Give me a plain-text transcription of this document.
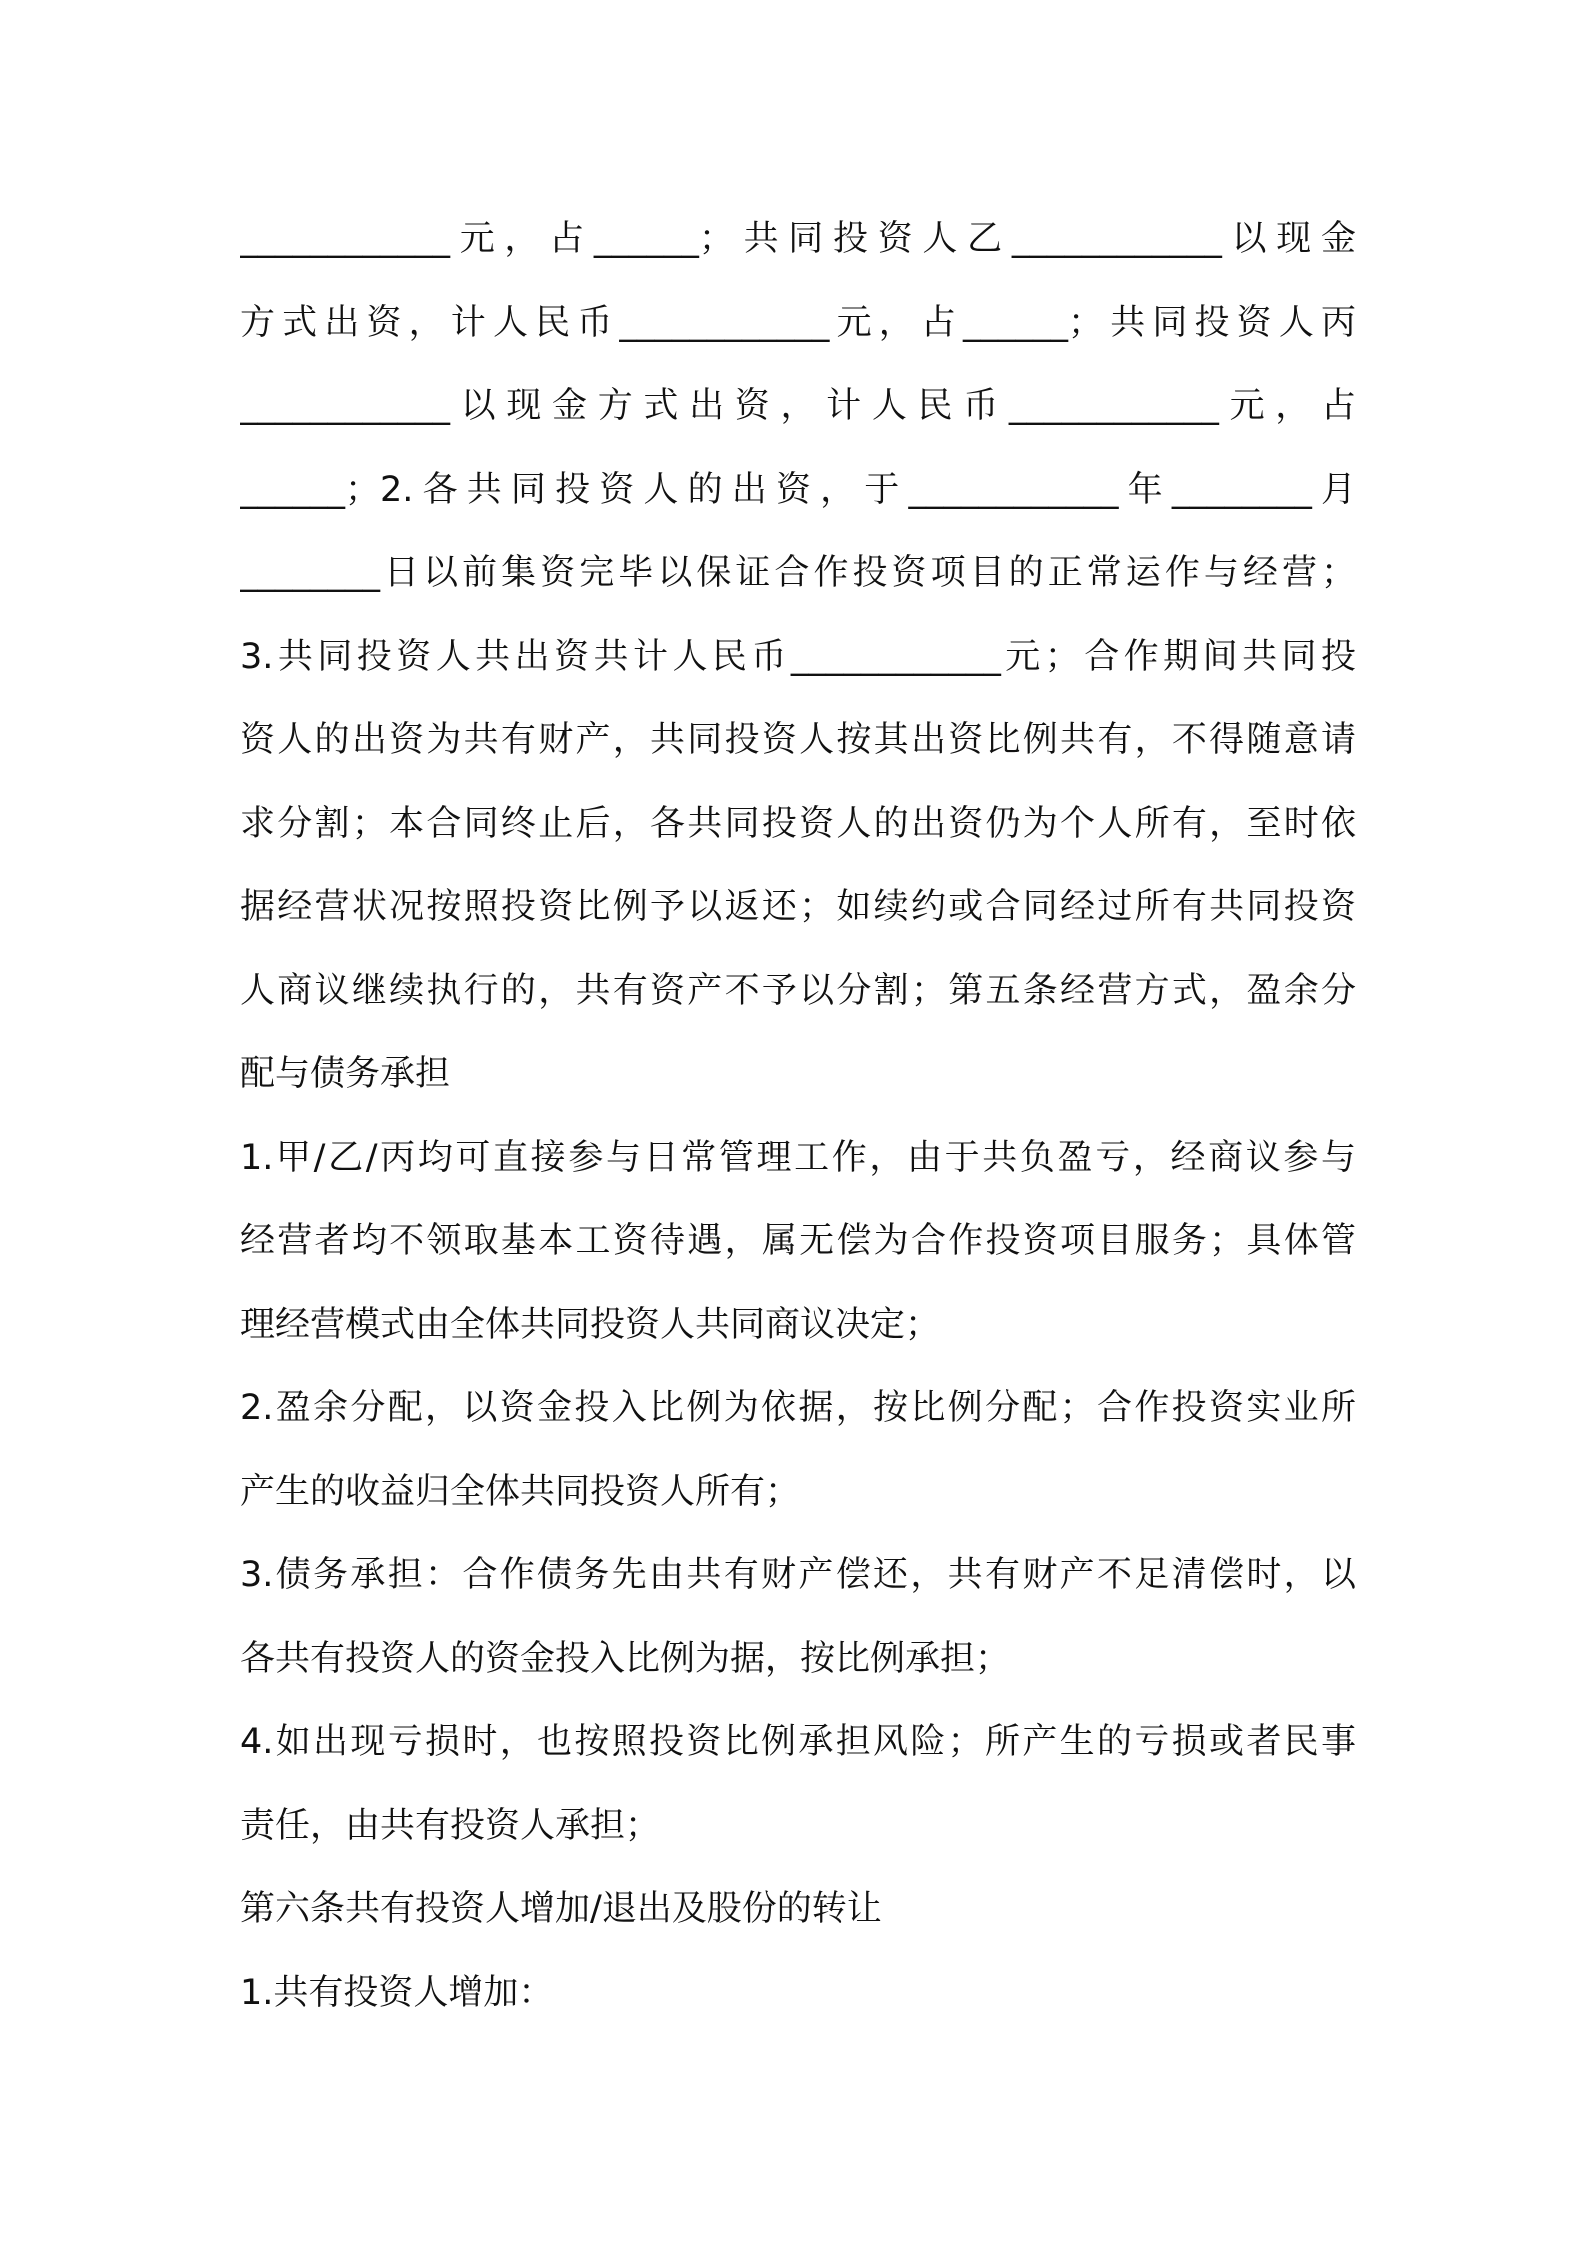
____________元，占______；共同投资人乙____________以现金
方式出资，计人民币____________元，占______；共同投资人丙
____________以现金方式出资，计人民币____________元，占
______；2.各共同投资人的出资，于____________年________月
________日以前集资完毕以保证合作投资项目的正常运作与经营；
3.共同投资人共出资共计人民币____________元；合作期间共同投
资人的出资为共有财产，共同投资人按其出资比例共有，不得随意请
求分割；本合同终止后，各共同投资人的出资仍为个人所有，至时依
据经营状况按照投资比例予以返还；如续约或合同经过所有共同投资
人商议继续执行的，共有资产不予以分割；第五条经营方式，盈余分
配与债务承担
1.甲/乙/丙均可直接参与日常管理工作，由于共负盈亏，经商议参与
经营者均不领取基本工资待遇，属无偿为合作投资项目服务；具体管
理经营模式由全体共同投资人共同商议决定；
2.盈余分配，以资金投入比例为依据，按比例分配；合作投资实业所
产生的收益归全体共同投资人所有；
3.债务承担：合作债务先由共有财产偿还，共有财产不足清偿时，以
各共有投资人的资金投入比例为据，按比例承担；
4.如出现亏损时，也按照投资比例承担风险；所产生的亏损或者民事
责任，由共有投资人承担；
第六条共有投资人增加/退出及股份的转让
1.共有投资人增加：
